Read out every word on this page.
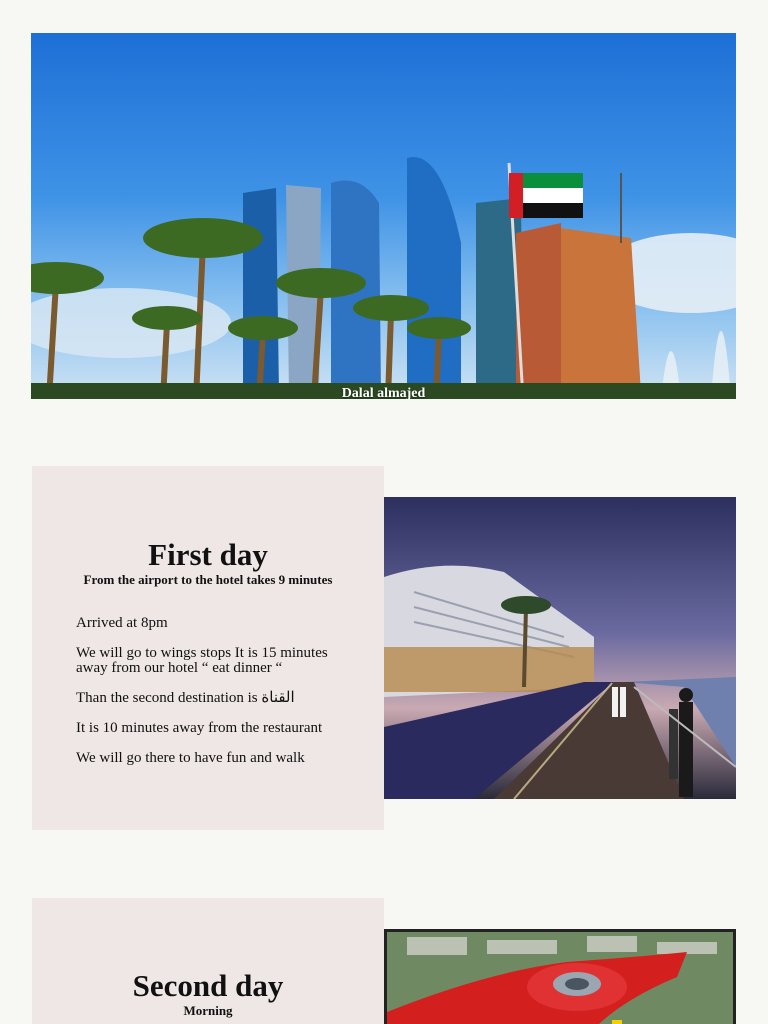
Dalal almajed
First day
From the airport to the hotel takes 9 minutes

Arrived at 8pm

We will go to wings stops It is 15 minutes away from our hotel “ eat dinner “

Than the second destination is القناة

It is 10 minutes away from the restaurant

We will go there to have fun and walk

Second day
Morning
